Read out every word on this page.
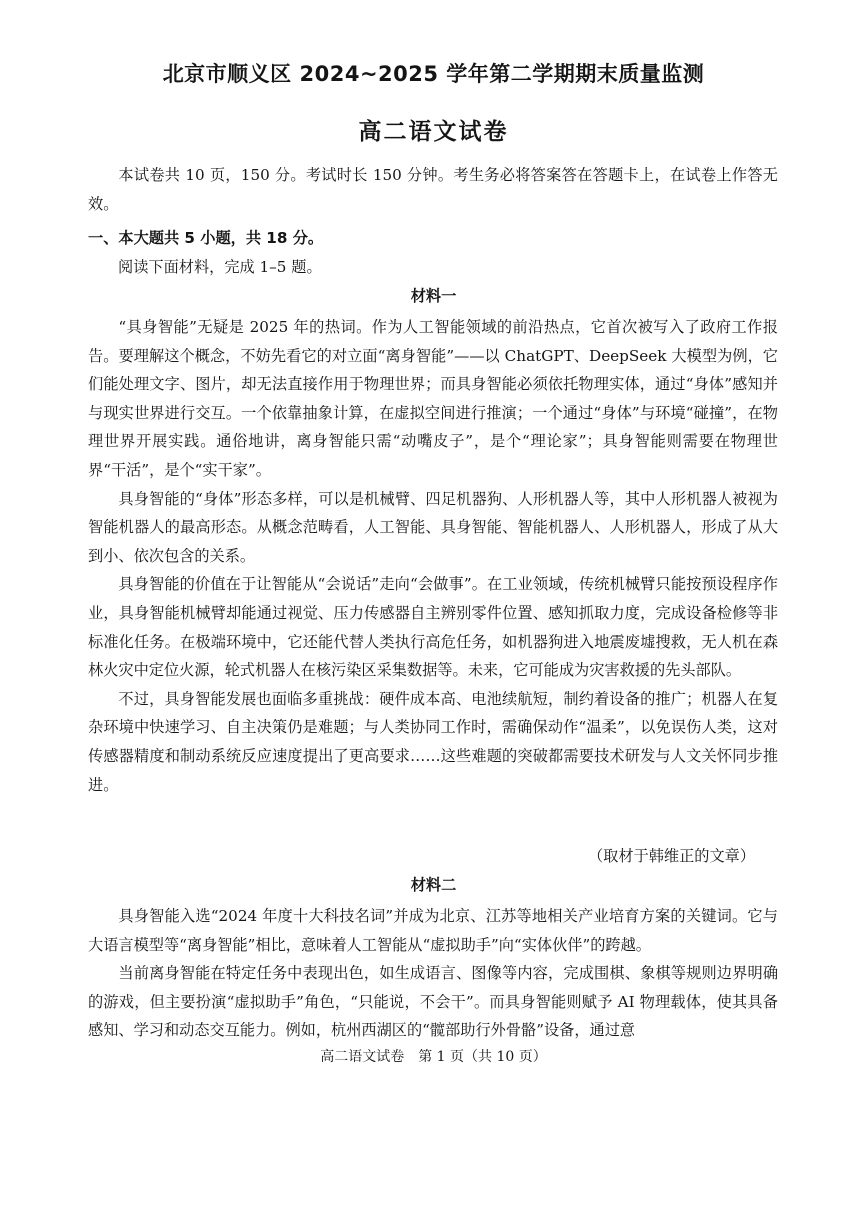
北京市顺义区 2024~2025 学年第二学期期末质量监测
高二语文试卷

本试卷共 10 页，150 分。考试时长 150 分钟。考生务必将答案答在答题卡上，在试卷上作答无效。

一、本大题共 5 小题，共 18 分。
阅读下面材料，完成 1–5 题。
材料一

“具身智能”无疑是 2025 年的热词。作为人工智能领域的前沿热点，它首次被写入了政府工作报告。要理解这个概念，不妨先看它的对立面“离身智能”——以 ChatGPT、DeepSeek 大模型为例，它们能处理文字、图片，却无法直接作用于物理世界；而具身智能必须依托物理实体，通过“身体”感知并与现实世界进行交互。一个依靠抽象计算，在虚拟空间进行推演；一个通过“身体”与环境“碰撞”，在物理世界开展实践。通俗地讲，离身智能只需“动嘴皮子”，是个“理论家”；具身智能则需要在物理世界“干活”，是个“实干家”。

具身智能的“身体”形态多样，可以是机械臂、四足机器狗、人形机器人等，其中人形机器人被视为智能机器人的最高形态。从概念范畴看，人工智能、具身智能、智能机器人、人形机器人，形成了从大到小、依次包含的关系。

具身智能的价值在于让智能从“会说话”走向“会做事”。在工业领域，传统机械臂只能按预设程序作业，具身智能机械臂却能通过视觉、压力传感器自主辨别零件位置、感知抓取力度，完成设备检修等非标准化任务。在极端环境中，它还能代替人类执行高危任务，如机器狗进入地震废墟搜救，无人机在森林火灾中定位火源，轮式机器人在核污染区采集数据等。未来，它可能成为灾害救援的先头部队。

不过，具身智能发展也面临多重挑战：硬件成本高、电池续航短，制约着设备的推广；机器人在复杂环境中快速学习、自主决策仍是难题；与人类协同工作时，需确保动作“温柔”，以免误伤人类，这对传感器精度和制动系统反应速度提出了更高要求……这些难题的突破都需要技术研发与人文关怀同步推进。

（取材于韩维正的文章）
材料二

具身智能入选“2024 年度十大科技名词”并成为北京、江苏等地相关产业培育方案的关键词。它与大语言模型等“离身智能”相比，意味着人工智能从“虚拟助手”向“实体伙伴”的跨越。

当前离身智能在特定任务中表现出色，如生成语言、图像等内容，完成围棋、象棋等规则边界明确的游戏，但主要扮演“虚拟助手”角色，“只能说，不会干”。而具身智能则赋予 AI 物理载体，使其具备感知、学习和动态交互能力。例如，杭州西湖区的“髋部助行外骨骼”设备，通过意

高二语文试卷　第 1 页（共 10 页）
